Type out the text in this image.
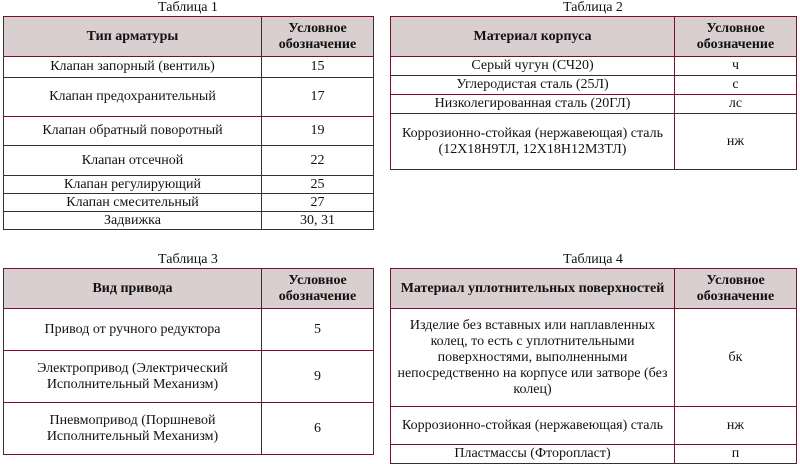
Таблица 1
Тип арматуры	Условное обозначение
Клапан запорный (вентиль)	15
Клапан предохранительный	17
Клапан обратный поворотный	19
Клапан отсечной	22
Клапан регулирующий	25
Клапан смесительный	27
Задвижка	30, 31
Таблица 2
Материал корпуса	Условное обозначение
Серый чугун (СЧ20)	ч
Углеродистая сталь (25Л)	с
Низколегированная сталь (20ГЛ)	лс
Коррозионно-стойкая (нержавеющая) сталь (12Х18Н9ТЛ, 12Х18Н12М3ТЛ)	нж
Таблица 3
Вид привода	Условное обозначение
Привод от ручного редуктора	5
Электропривод (Электрический Исполнительный Механизм)	9
Пневмопривод (Поршневой Исполнительный Механизм)	6
Таблица 4
Материал уплотнительных поверхностей	Условное обозначение
Изделие без вставных или наплавленных колец, то есть с уплотнительными поверхностями, выполненными непосредственно на корпусе или затворе (без колец)	бк
Коррозионно-стойкая (нержавеющая) сталь	нж
Пластмассы (Фторопласт)	п
